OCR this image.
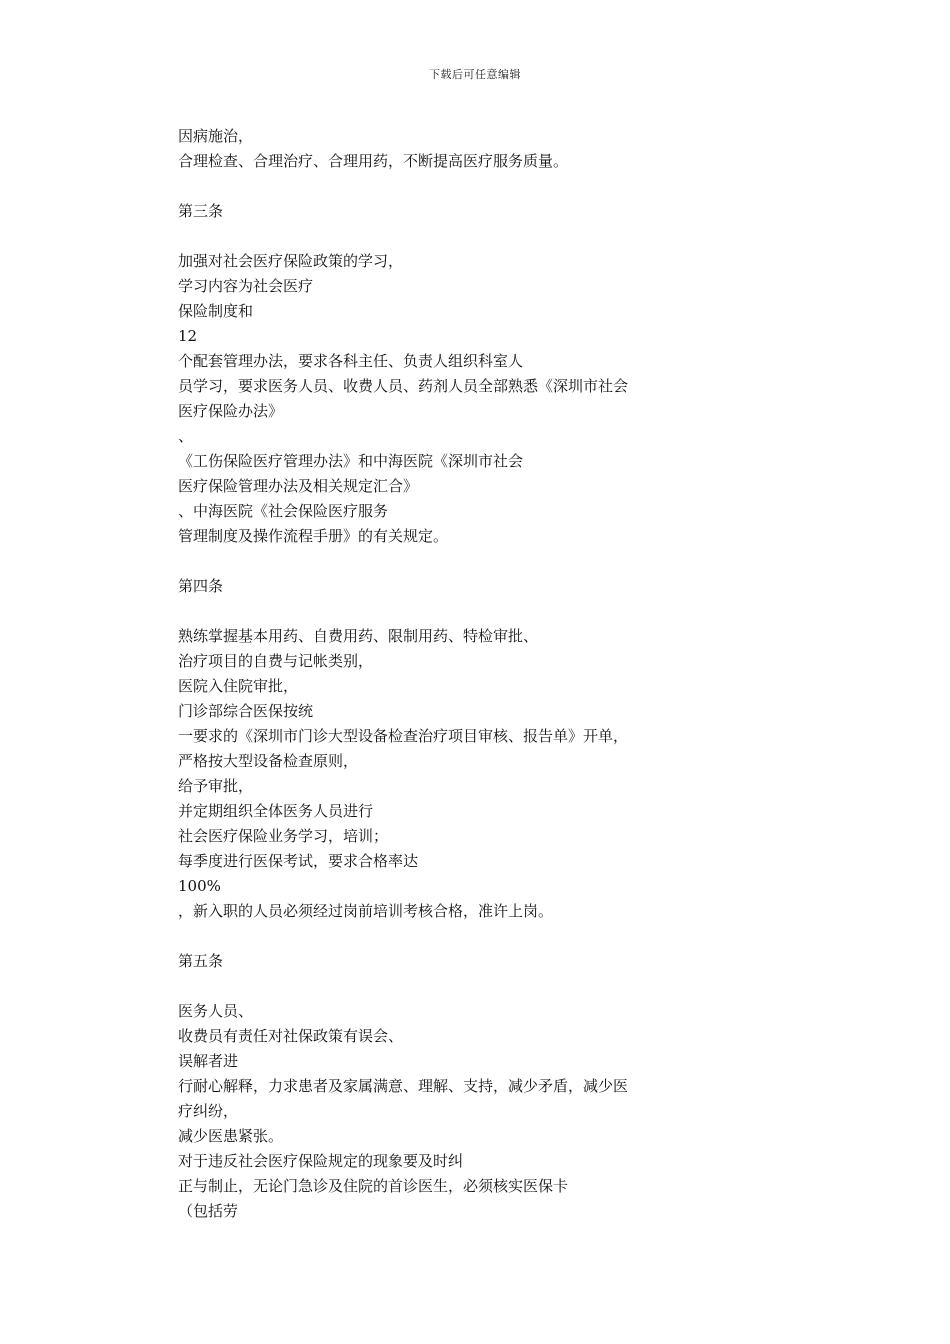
下载后可任意编辑
因病施治，
合理检查、合理治疗、合理用药，不断提高医疗服务质量。
第三条
加强对社会医疗保险政策的学习，
学习内容为社会医疗
保险制度和
12
个配套管理办法，要求各科主任、负责人组织科室人
员学习，要求医务人员、收费人员、药剂人员全部熟悉《深圳市社会
医疗保险办法》
、
《工伤保险医疗管理办法》和中海医院《深圳市社会
医疗保险管理办法及相关规定汇合》
、中海医院《社会保险医疗服务
管理制度及操作流程手册》的有关规定。
第四条
熟练掌握基本用药、自费用药、限制用药、特检审批、
治疗项目的自费与记帐类别，
医院入住院审批，
门诊部综合医保按统
一要求的《深圳市门诊大型设备检查治疗项目审核、报告单》开单，
严格按大型设备检查原则，
给予审批，
并定期组织全体医务人员进行
社会医疗保险业务学习，培训；
每季度进行医保考试，要求合格率达
100%
，新入职的人员必须经过岗前培训考核合格，准许上岗。
第五条
医务人员、
收费员有责任对社保政策有误会、
误解者进
行耐心解释，力求患者及家属满意、理解、支持，减少矛盾，减少医
疗纠纷，
减少医患紧张。
对于违反社会医疗保险规定的现象要及时纠
正与制止，无论门急诊及住院的首诊医生，必须核实医保卡
（包括劳
